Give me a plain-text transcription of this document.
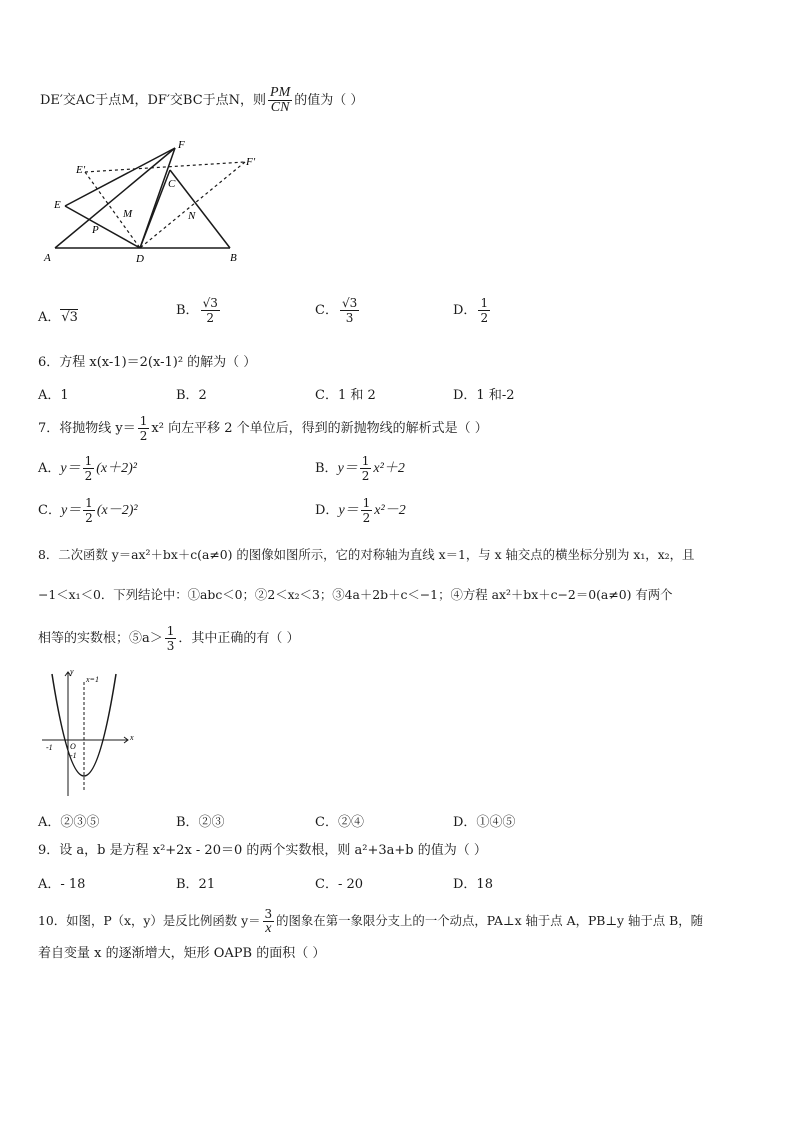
DE′交AC于点M，DF′交BC于点N，则 $\frac{PM}{CN}$ 的值为（ ）
E′
F
F′
E
C
M
P
N
A	D	B
A．√3	B． $\frac{√3}{2}$	C． $\frac{√3}{3}$	D． $\frac{1}{2}$
6．方程 x(x-1)＝2(x-1)² 的解为（ ）
A．1	B．2	C．1 和 2	D．1 和-2
7．将抛物线 $y= \frac{1}{2} x^2$ 向左平移 2 个单位后，得到的新抛物线的解析式是（ ）
A．$y= \frac{1}{2} (x+2)^2$	B．$y= \frac{1}{2} x^2+2$
C．$y= \frac{1}{2} (x-2)^2$	D．$y= \frac{1}{2} x^2-2$
8．二次函数 y＝ax²＋bx＋c(a≠0) 的图像如图所示，它的对称轴为直线 x＝1，与 x 轴交点的横坐标分别为 x₁，x₂，且
−1＜x₁＜0．下列结论中：①abc＜0；②2＜x₂＜3；③4a＋2b＋c＜−1；④方程 ax²＋bx＋c−2＝0(a≠0) 有两个
相等的实数根；⑤a＞ $\frac{1}{3}$ ．其中正确的有（ ）
y
x
x=1
-1 O
-1
A．②③⑤	B．②③	C．②④	D．①④⑤
9．设 a，b 是方程 x²+2x - 20＝0 的两个实数根，则 a²+3a+b 的值为（ ）
A．- 18	B．21	C．- 20	D．18
10．如图，P（x，y）是反比例函数 $y= \frac{3}{x}$ 的图象在第一象限分支上的一个动点，PA⊥x 轴于点 A，PB⊥y 轴于点 B，随
着自变量 x 的逐渐增大，矩形 OAPB 的面积（ ）
